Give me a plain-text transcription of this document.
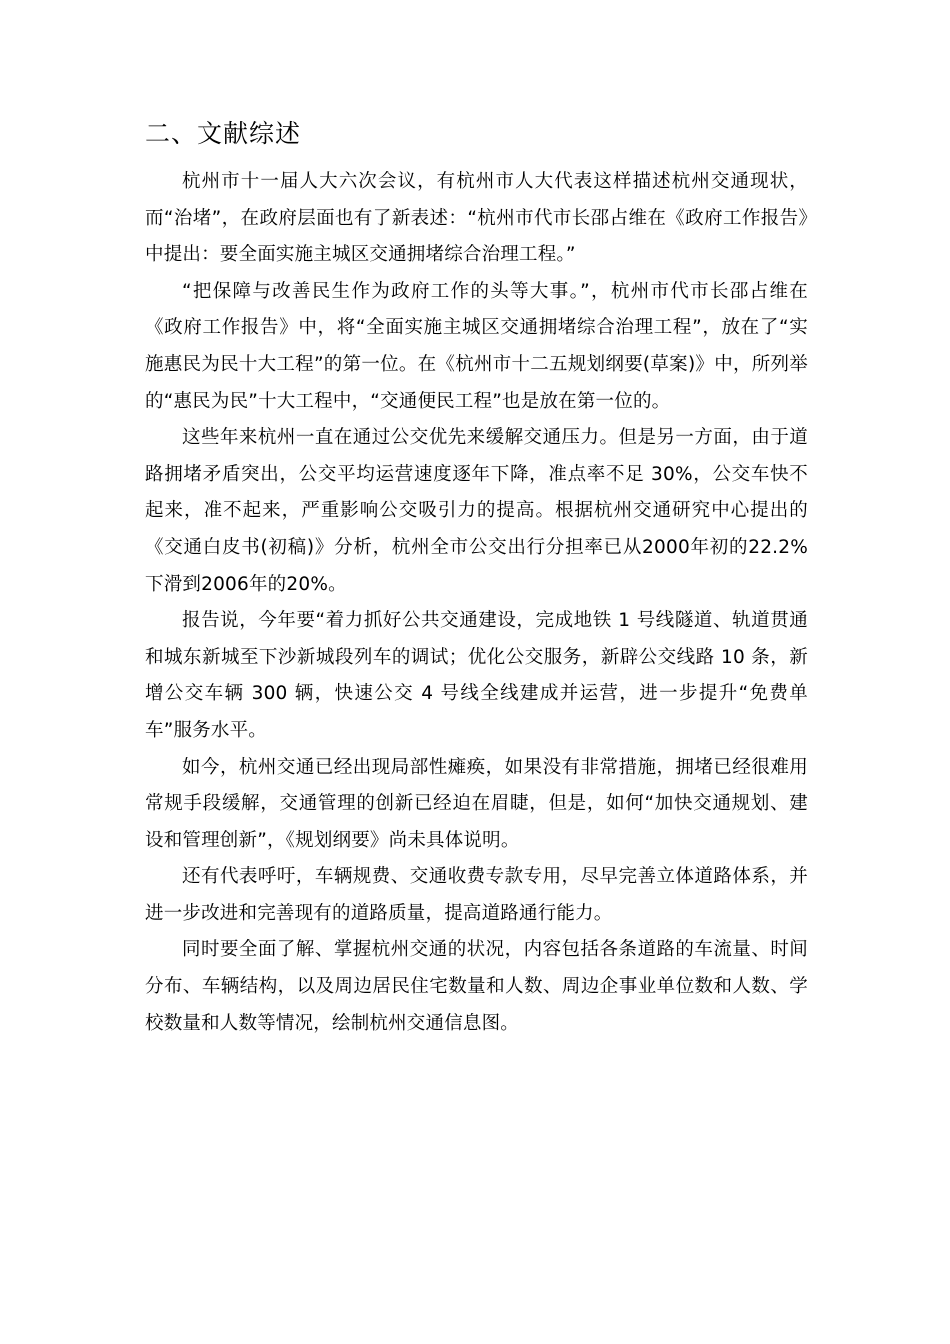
二、文献综述

杭州市十一届人大六次会议，有杭州市人大代表这样描述杭州交通现状，而“治堵”，在政府层面也有了新表述：“杭州市代市长邵占维在《政府工作报告》中提出：要全面实施主城区交通拥堵综合治理工程。”

“把保障与改善民生作为政府工作的头等大事。”，杭州市代市长邵占维在《政府工作报告》中，将“全面实施主城区交通拥堵综合治理工程”，放在了“实施惠民为民十大工程”的第一位。在《杭州市十二五规划纲要(草案)》中，所列举的“惠民为民”十大工程中，“交通便民工程”也是放在第一位的。

这些年来杭州一直在通过公交优先来缓解交通压力。但是另一方面，由于道路拥堵矛盾突出，公交平均运营速度逐年下降，准点率不足 30%，公交车快不起来，准不起来，严重影响公交吸引力的提高。根据杭州交通研究中心提出的《交通白皮书(初稿)》分析，杭州全市公交出行分担率已从2000年初的22.2%下滑到2006年的20%。

报告说，今年要“着力抓好公共交通建设，完成地铁 1 号线隧道、轨道贯通和城东新城至下沙新城段列车的调试；优化公交服务，新辟公交线路 10 条，新增公交车辆 300 辆，快速公交 4 号线全线建成并运营，进一步提升“免费单车”服务水平。

如今，杭州交通已经出现局部性瘫痪，如果没有非常措施，拥堵已经很难用常规手段缓解，交通管理的创新已经迫在眉睫，但是，如何“加快交通规划、建设和管理创新”，《规划纲要》尚未具体说明。

还有代表呼吁，车辆规费、交通收费专款专用，尽早完善立体道路体系，并进一步改进和完善现有的道路质量，提高道路通行能力。

同时要全面了解、掌握杭州交通的状况，内容包括各条道路的车流量、时间分布、车辆结构，以及周边居民住宅数量和人数、周边企事业单位数和人数、学校数量和人数等情况，绘制杭州交通信息图。
